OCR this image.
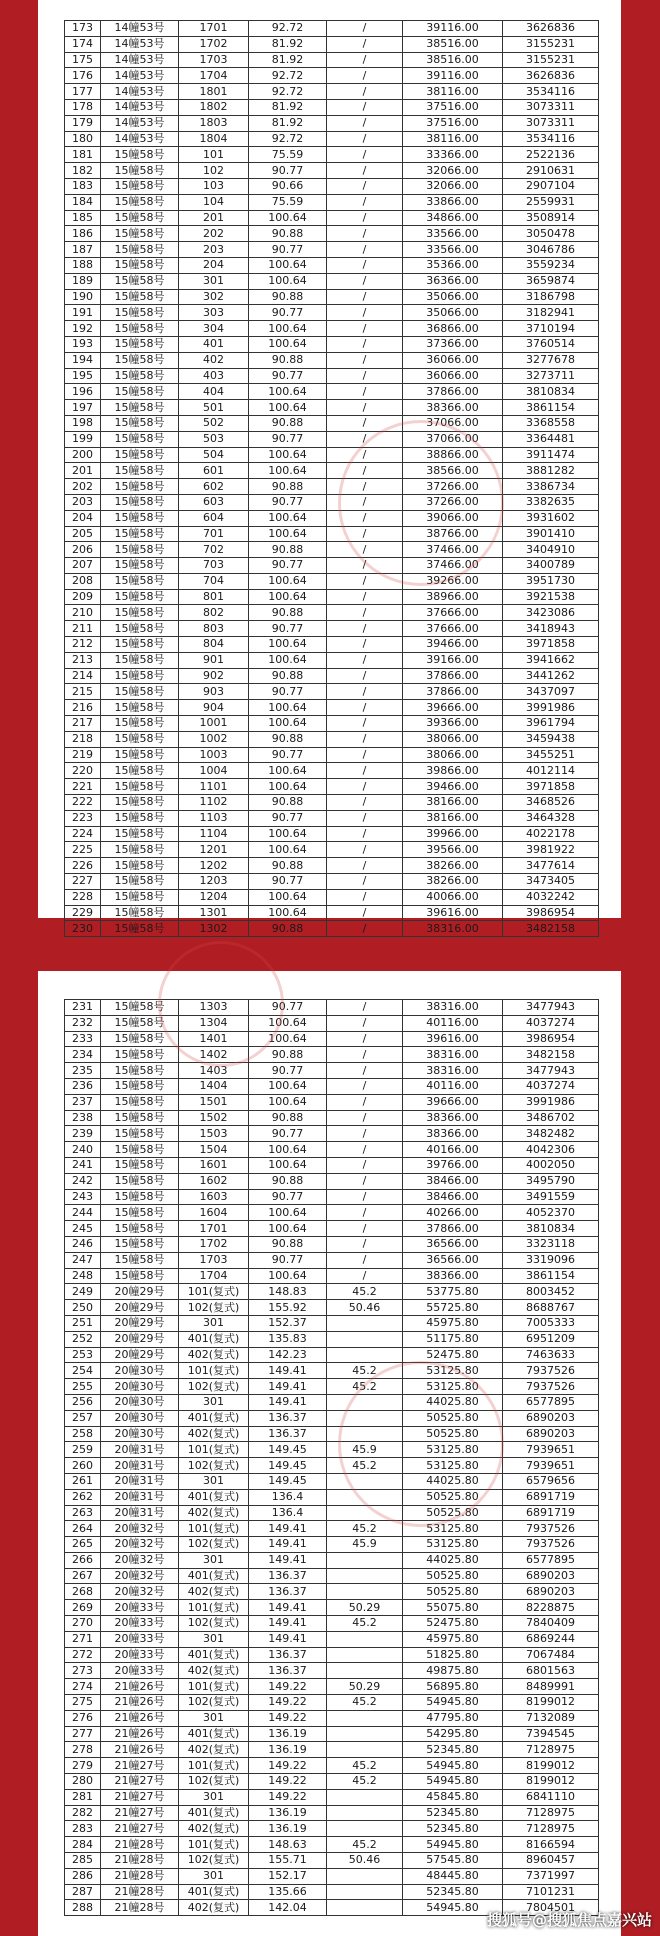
173	14幢53号	1701	92.72	/	39116.00	3626836
174	14幢53号	1702	81.92	/	38516.00	3155231
175	14幢53号	1703	81.92	/	38516.00	3155231
176	14幢53号	1704	92.72	/	39116.00	3626836
177	14幢53号	1801	92.72	/	38116.00	3534116
178	14幢53号	1802	81.92	/	37516.00	3073311
179	14幢53号	1803	81.92	/	37516.00	3073311
180	14幢53号	1804	92.72	/	38116.00	3534116
181	15幢58号	101	75.59	/	33366.00	2522136
182	15幢58号	102	90.77	/	32066.00	2910631
183	15幢58号	103	90.66	/	32066.00	2907104
184	15幢58号	104	75.59	/	33866.00	2559931
185	15幢58号	201	100.64	/	34866.00	3508914
186	15幢58号	202	90.88	/	33566.00	3050478
187	15幢58号	203	90.77	/	33566.00	3046786
188	15幢58号	204	100.64	/	35366.00	3559234
189	15幢58号	301	100.64	/	36366.00	3659874
190	15幢58号	302	90.88	/	35066.00	3186798
191	15幢58号	303	90.77	/	35066.00	3182941
192	15幢58号	304	100.64	/	36866.00	3710194
193	15幢58号	401	100.64	/	37366.00	3760514
194	15幢58号	402	90.88	/	36066.00	3277678
195	15幢58号	403	90.77	/	36066.00	3273711
196	15幢58号	404	100.64	/	37866.00	3810834
197	15幢58号	501	100.64	/	38366.00	3861154
198	15幢58号	502	90.88	/	37066.00	3368558
199	15幢58号	503	90.77	/	37066.00	3364481
200	15幢58号	504	100.64	/	38866.00	3911474
201	15幢58号	601	100.64	/	38566.00	3881282
202	15幢58号	602	90.88	/	37266.00	3386734
203	15幢58号	603	90.77	/	37266.00	3382635
204	15幢58号	604	100.64	/	39066.00	3931602
205	15幢58号	701	100.64	/	38766.00	3901410
206	15幢58号	702	90.88	/	37466.00	3404910
207	15幢58号	703	90.77	/	37466.00	3400789
208	15幢58号	704	100.64	/	39266.00	3951730
209	15幢58号	801	100.64	/	38966.00	3921538
210	15幢58号	802	90.88	/	37666.00	3423086
211	15幢58号	803	90.77	/	37666.00	3418943
212	15幢58号	804	100.64	/	39466.00	3971858
213	15幢58号	901	100.64	/	39166.00	3941662
214	15幢58号	902	90.88	/	37866.00	3441262
215	15幢58号	903	90.77	/	37866.00	3437097
216	15幢58号	904	100.64	/	39666.00	3991986
217	15幢58号	1001	100.64	/	39366.00	3961794
218	15幢58号	1002	90.88	/	38066.00	3459438
219	15幢58号	1003	90.77	/	38066.00	3455251
220	15幢58号	1004	100.64	/	39866.00	4012114
221	15幢58号	1101	100.64	/	39466.00	3971858
222	15幢58号	1102	90.88	/	38166.00	3468526
223	15幢58号	1103	90.77	/	38166.00	3464328
224	15幢58号	1104	100.64	/	39966.00	4022178
225	15幢58号	1201	100.64	/	39566.00	3981922
226	15幢58号	1202	90.88	/	38266.00	3477614
227	15幢58号	1203	90.77	/	38266.00	3473405
228	15幢58号	1204	100.64	/	40066.00	4032242
229	15幢58号	1301	100.64	/	39616.00	3986954
230	15幢58号	1302	90.88	/	38316.00	3482158
231	15幢58号	1303	90.77	/	38316.00	3477943
232	15幢58号	1304	100.64	/	40116.00	4037274
233	15幢58号	1401	100.64	/	39616.00	3986954
234	15幢58号	1402	90.88	/	38316.00	3482158
235	15幢58号	1403	90.77	/	38316.00	3477943
236	15幢58号	1404	100.64	/	40116.00	4037274
237	15幢58号	1501	100.64	/	39666.00	3991986
238	15幢58号	1502	90.88	/	38366.00	3486702
239	15幢58号	1503	90.77	/	38366.00	3482482
240	15幢58号	1504	100.64	/	40166.00	4042306
241	15幢58号	1601	100.64	/	39766.00	4002050
242	15幢58号	1602	90.88	/	38466.00	3495790
243	15幢58号	1603	90.77	/	38466.00	3491559
244	15幢58号	1604	100.64	/	40266.00	4052370
245	15幢58号	1701	100.64	/	37866.00	3810834
246	15幢58号	1702	90.88	/	36566.00	3323118
247	15幢58号	1703	90.77	/	36566.00	3319096
248	15幢58号	1704	100.64	/	38366.00	3861154
249	20幢29号	101(复式)	148.83	45.2	53775.80	8003452
250	20幢29号	102(复式)	155.92	50.46	55725.80	8688767
251	20幢29号	301	152.37		45975.80	7005333
252	20幢29号	401(复式)	135.83		51175.80	6951209
253	20幢29号	402(复式)	142.23		52475.80	7463633
254	20幢30号	101(复式)	149.41	45.2	53125.80	7937526
255	20幢30号	102(复式)	149.41	45.2	53125.80	7937526
256	20幢30号	301	149.41		44025.80	6577895
257	20幢30号	401(复式)	136.37		50525.80	6890203
258	20幢30号	402(复式)	136.37		50525.80	6890203
259	20幢31号	101(复式)	149.45	45.9	53125.80	7939651
260	20幢31号	102(复式)	149.45	45.2	53125.80	7939651
261	20幢31号	301	149.45		44025.80	6579656
262	20幢31号	401(复式)	136.4		50525.80	6891719
263	20幢31号	402(复式)	136.4		50525.80	6891719
264	20幢32号	101(复式)	149.41	45.2	53125.80	7937526
265	20幢32号	102(复式)	149.41	45.9	53125.80	7937526
266	20幢32号	301	149.41		44025.80	6577895
267	20幢32号	401(复式)	136.37		50525.80	6890203
268	20幢32号	402(复式)	136.37		50525.80	6890203
269	20幢33号	101(复式)	149.41	50.29	55075.80	8228875
270	20幢33号	102(复式)	149.41	45.2	52475.80	7840409
271	20幢33号	301	149.41		45975.80	6869244
272	20幢33号	401(复式)	136.37		51825.80	7067484
273	20幢33号	402(复式)	136.37		49875.80	6801563
274	21幢26号	101(复式)	149.22	50.29	56895.80	8489991
275	21幢26号	102(复式)	149.22	45.2	54945.80	8199012
276	21幢26号	301	149.22		47795.80	7132089
277	21幢26号	401(复式)	136.19		54295.80	7394545
278	21幢26号	402(复式)	136.19		52345.80	7128975
279	21幢27号	101(复式)	149.22	45.2	54945.80	8199012
280	21幢27号	102(复式)	149.22	45.2	54945.80	8199012
281	21幢27号	301	149.22		45845.80	6841110
282	21幢27号	401(复式)	136.19		52345.80	7128975
283	21幢27号	402(复式)	136.19		52345.80	7128975
284	21幢28号	101(复式)	148.63	45.2	54945.80	8166594
285	21幢28号	102(复式)	155.71	50.46	57545.80	8960457
286	21幢28号	301	152.17		48445.80	7371997
287	21幢28号	401(复式)	135.66		52345.80	7101231
288	21幢28号	402(复式)	142.04		54945.80	7804501
搜狐号@搜狐焦点嘉兴站
